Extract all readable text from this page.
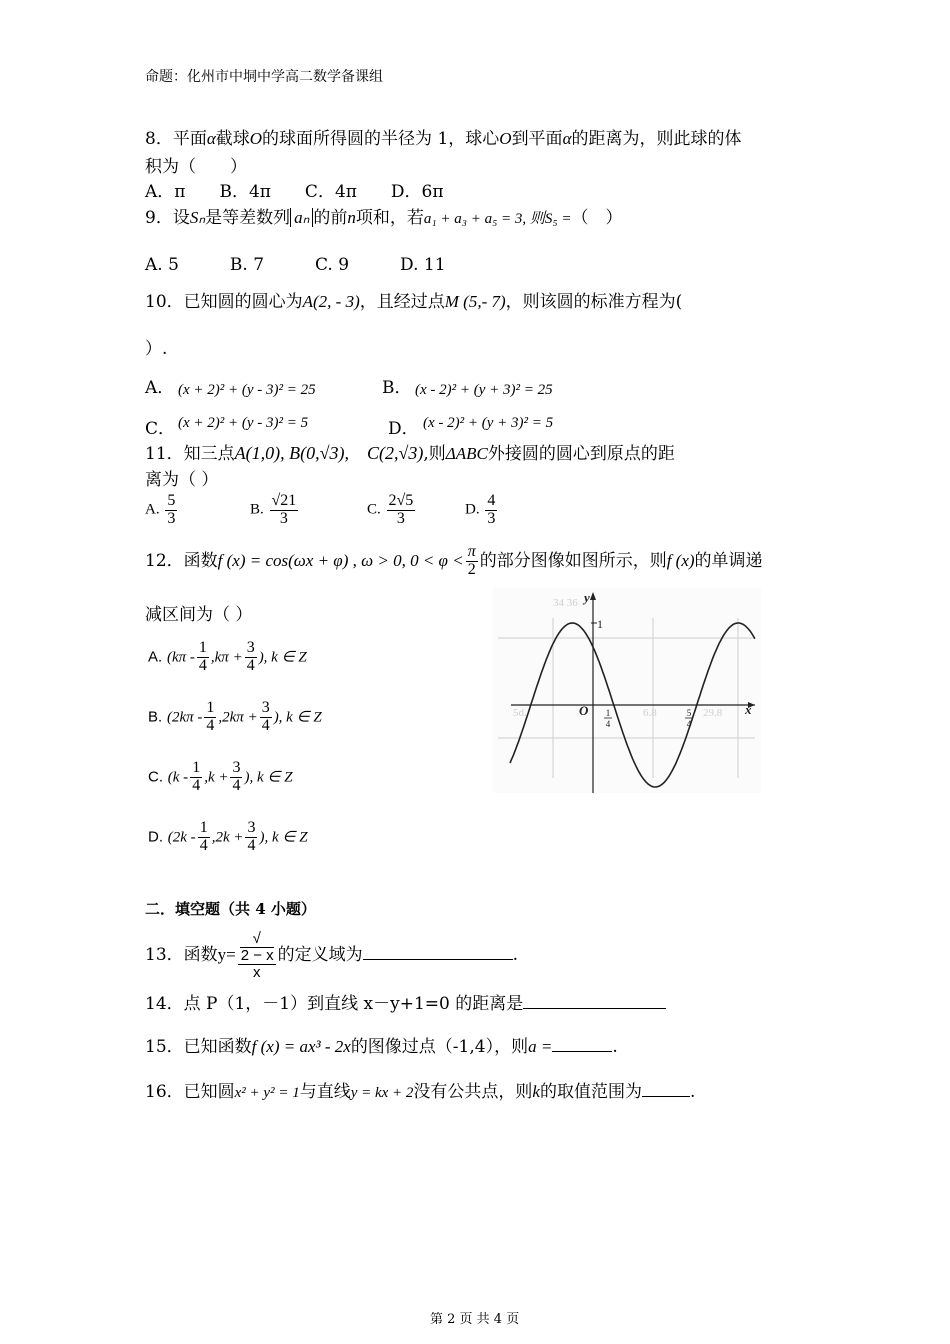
命题：化州市中垌中学高二数学备课组
8．平面α截球O的球面所得圆的半径为 1，球心O到平面α的距离为，则此球的体
积为（　　）
A．π　　B．4π　　C．4π　　D．6π
9．设Sₙ是等差数列 aₙ 的前n项和，若a₁ + a₃ + a₅ = 3, 则S₅ =（　）
A. 5　　　B. 7　　　C. 9　　　D. 11
10．已知圆的圆心为A(2, - 3)，且经过点M (5,- 7)，则该圆的标准方程为(
）.
A． (x + 2)² + (y - 3)² = 25	B． (x - 2)² + (y + 3)² = 25
C． (x + 2)² + (y - 3)² = 5	D． (x - 2)² + (y + 3)² = 5
11．知三点A(1,0), B(0,√3),　C(2,√3),则ΔABC外接圆的圆心到原点的距
离为（ ）
A. $\frac{5}{3}$	B. $\frac{√21}{3}$	C. $\frac{2√5}{3}$	D. $\frac{4}{3}$
12．函数f (x) = cos(ωx + φ) , ω > 0, $0 < \varphi < \frac{\pi}{2}$ 的部分图像如图所示，则f (x)的单调递
减区间为（ ）
A. ($k\pi - \frac{1}{4} ,k\pi + \frac{3}{4}$ ), k ∈ Z
B. ($2k\pi - \frac{1}{4} ,2k\pi + \frac{3}{4}$ ), k ∈ Z
C. ($k - \frac{1}{4} ,k + \frac{3}{4}$ ), k ∈ Z
D. ($2k - \frac{1}{4} ,2k + \frac{3}{4}$ ), k ∈ Z
34 36
5d.	6.8	29.8
y
x
O
1
1
4
5
4
二．填空题（共 4 小题）
13．函数y= √
2 − x
x 的定义域为	.
14．点 P（1，－1）到直线 x－y+1=0 的距离是
15．已知函数f (x) = ax³ - 2x的图像过点（-1,4），则a =	.
16．已知圆x² + y² = 1与直线y = kx + 2没有公共点，则k的取值范围为	.
第 2 页 共 4 页
